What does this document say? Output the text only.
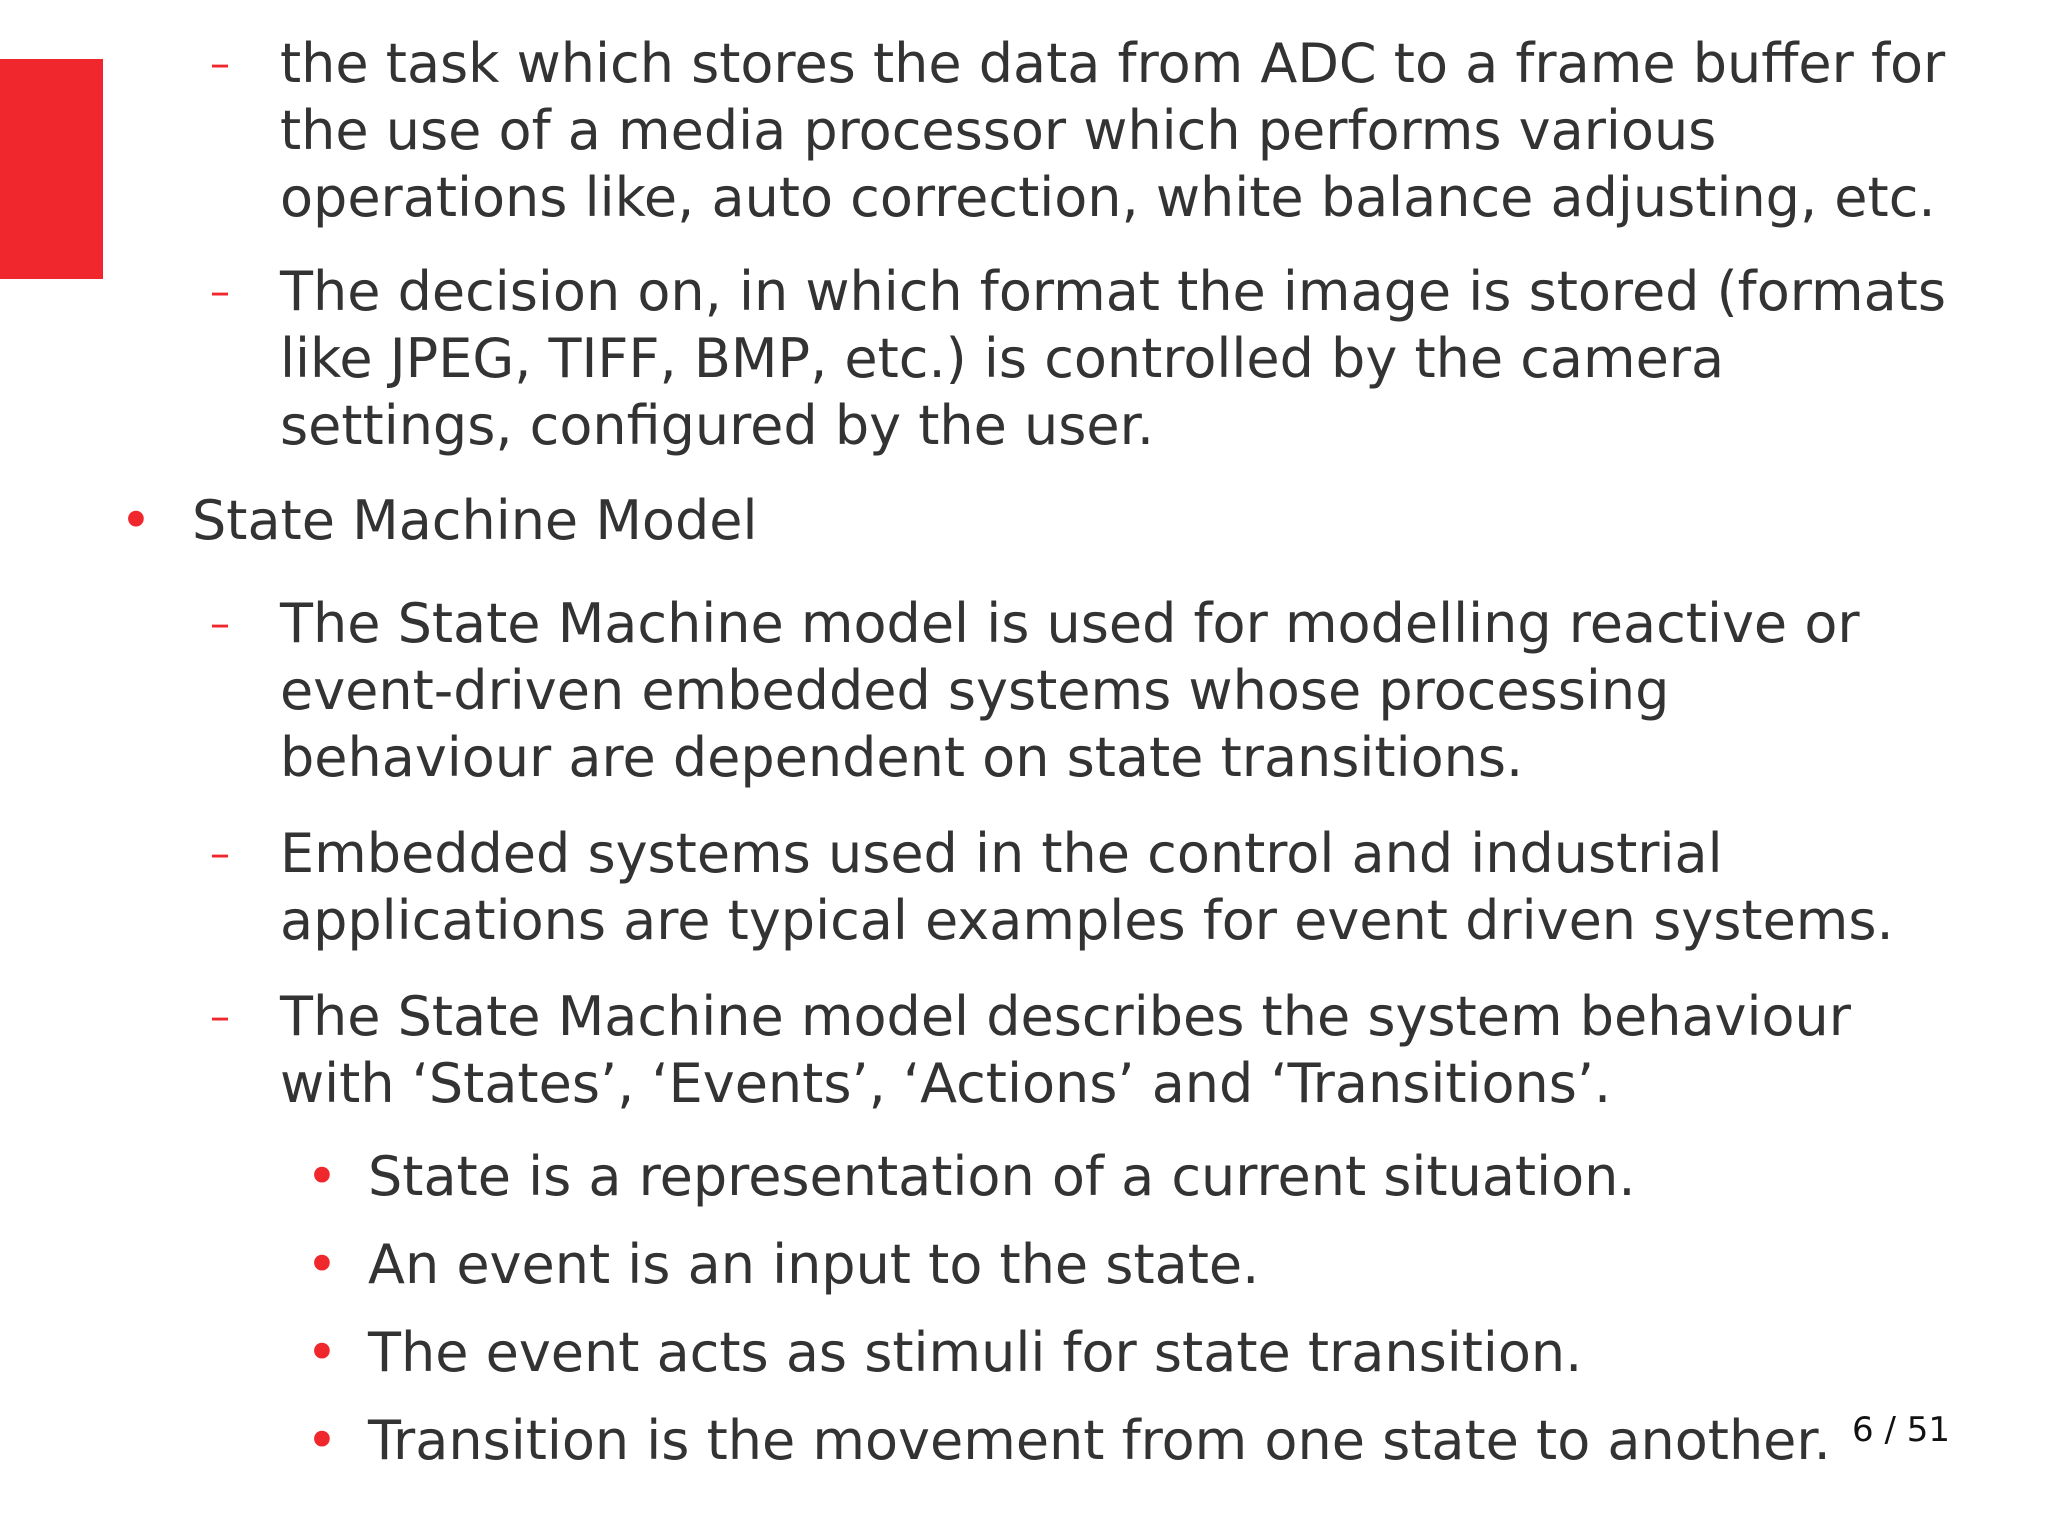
– the task which stores the data from ADC to a frame buffer for
the use of a media processor which performs various
operations like, auto correction, white balance adjusting, etc.
– The decision on, in which format the image is stored (formats
like JPEG, TIFF, BMP, etc.) is controlled by the camera
settings, configured by the user.
• State Machine Model
– The State Machine model is used for modelling reactive or
event-driven embedded systems whose processing
behaviour are dependent on state transitions.
– Embedded systems used in the control and industrial
applications are typical examples for event driven systems.
– The State Machine model describes the system behaviour
with ‘States’, ‘Events’, ‘Actions’ and ‘Transitions’.
• State is a representation of a current situation.
• An event is an input to the state.
• The event acts as stimuli for state transition.
• Transition is the movement from one state to another. 6 / 51
